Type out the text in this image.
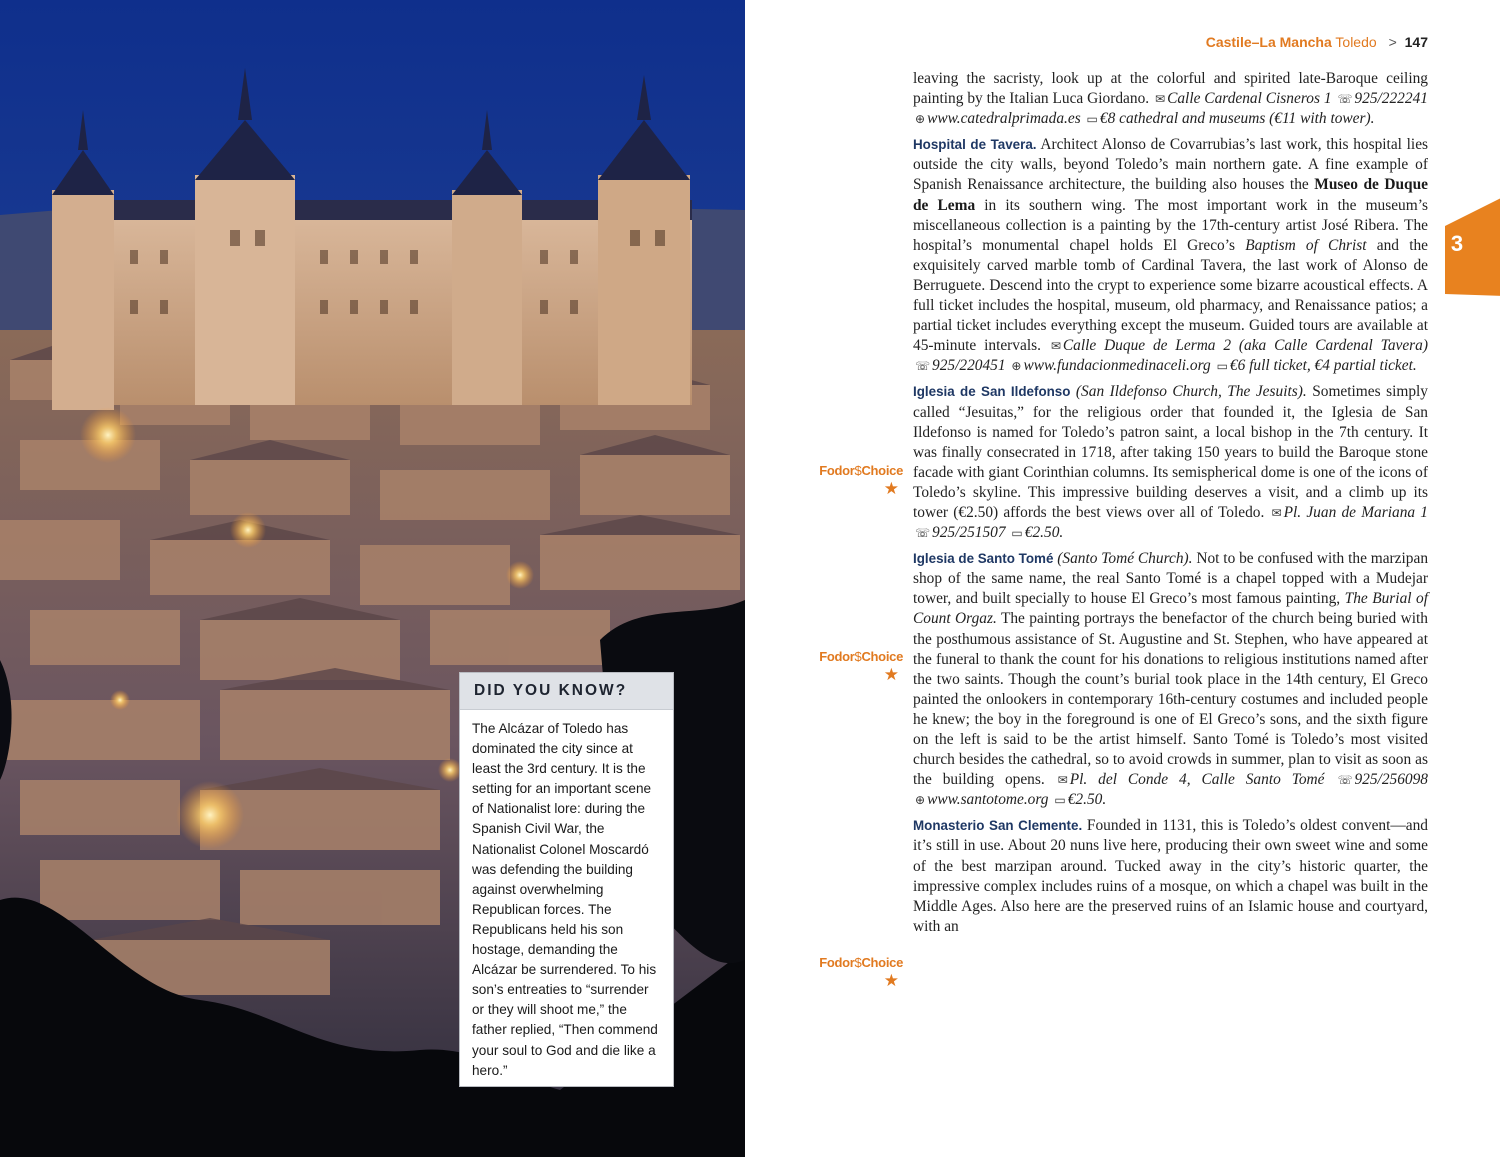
DID YOU KNOW?
The Alcázar of Toledo has dominated the city since at least the 3rd century. It is the setting for an important scene of Nationalist lore: during the Spanish Civil War, the Nationalist Colonel Moscardó was defending the building against overwhelming Republican forces. The Republicans held his son hostage, demanding the Alcázar be surrendered. To his son’s entreaties to “surrender or they will shoot me,” the father replied, “Then commend your soul to God and die like a hero.”
Castile–La Mancha Toledo > 147
3
Fodor$Choice
★
Fodor$Choice
★
Fodor$Choice
★

leaving the sacristy, look up at the colorful and spirited late-Baroque ceiling painting by the Italian Luca Giordano. ✉ Calle Cardenal Cisneros 1 ☏ 925/222241 ⊕ www.catedralprimada.es ▭ €8 cathedral and museums (€11 with tower).

Hospital de Tavera. Architect Alonso de Covarrubias’s last work, this hospital lies outside the city walls, beyond Toledo’s main northern gate. A fine example of Spanish Renaissance architecture, the building also houses the Museo de Duque de Lema in its southern wing. The most important work in the museum’s miscellaneous collection is a painting by the 17th-century artist José Ribera. The hospital’s monumental chapel holds El Greco’s Baptism of Christ and the exquisitely carved marble tomb of Cardinal Tavera, the last work of Alonso de Berruguete. Descend into the crypt to experience some bizarre acoustical effects. A full ticket includes the hospital, museum, old pharmacy, and Renaissance patios; a partial ticket includes everything except the museum. Guided tours are available at 45-minute intervals. ✉ Calle Duque de Lerma 2 (aka Calle Cardenal Tavera) ☏ 925/220451 ⊕ www.fundacionmedinaceli.org ▭ €6 full ticket, €4 partial ticket.

Iglesia de San Ildefonso (San Ildefonso Church, The Jesuits). Sometimes simply called “Jesuitas,” for the religious order that founded it, the Iglesia de San Ildefonso is named for Toledo’s patron saint, a local bishop in the 7th century. It was finally consecrated in 1718, after taking 150 years to build the Baroque stone facade with giant Corinthian columns. Its semispherical dome is one of the icons of Toledo’s skyline. This impressive building deserves a visit, and a climb up its tower (€2.50) affords the best views over all of Toledo. ✉ Pl. Juan de Mariana 1 ☏ 925/251507 ▭ €2.50.

Iglesia de Santo Tomé (Santo Tomé Church). Not to be confused with the marzipan shop of the same name, the real Santo Tomé is a chapel topped with a Mudejar tower, and built specially to house El Greco’s most famous painting, The Burial of Count Orgaz. The painting portrays the benefactor of the church being buried with the posthumous assistance of St. Augustine and St. Stephen, who have appeared at the funeral to thank the count for his donations to religious institutions named after the two saints. Though the count’s burial took place in the 14th century, El Greco painted the onlookers in contemporary 16th-century costumes and included people he knew; the boy in the foreground is one of El Greco’s sons, and the sixth figure on the left is said to be the artist himself. Santo Tomé is Toledo’s most visited church besides the cathedral, so to avoid crowds in summer, plan to visit as soon as the building opens. ✉ Pl. del Conde 4, Calle Santo Tomé ☏ 925/256098 ⊕ www.santotome.org ▭ €2.50.

Monasterio San Clemente. Founded in 1131, this is Toledo’s oldest convent—and it’s still in use. About 20 nuns live here, producing their own sweet wine and some of the best marzipan around. Tucked away in the city’s historic quarter, the impressive complex includes ruins of a mosque, on which a chapel was built in the Middle Ages. Also here are the preserved ruins of an Islamic house and courtyard, with an
